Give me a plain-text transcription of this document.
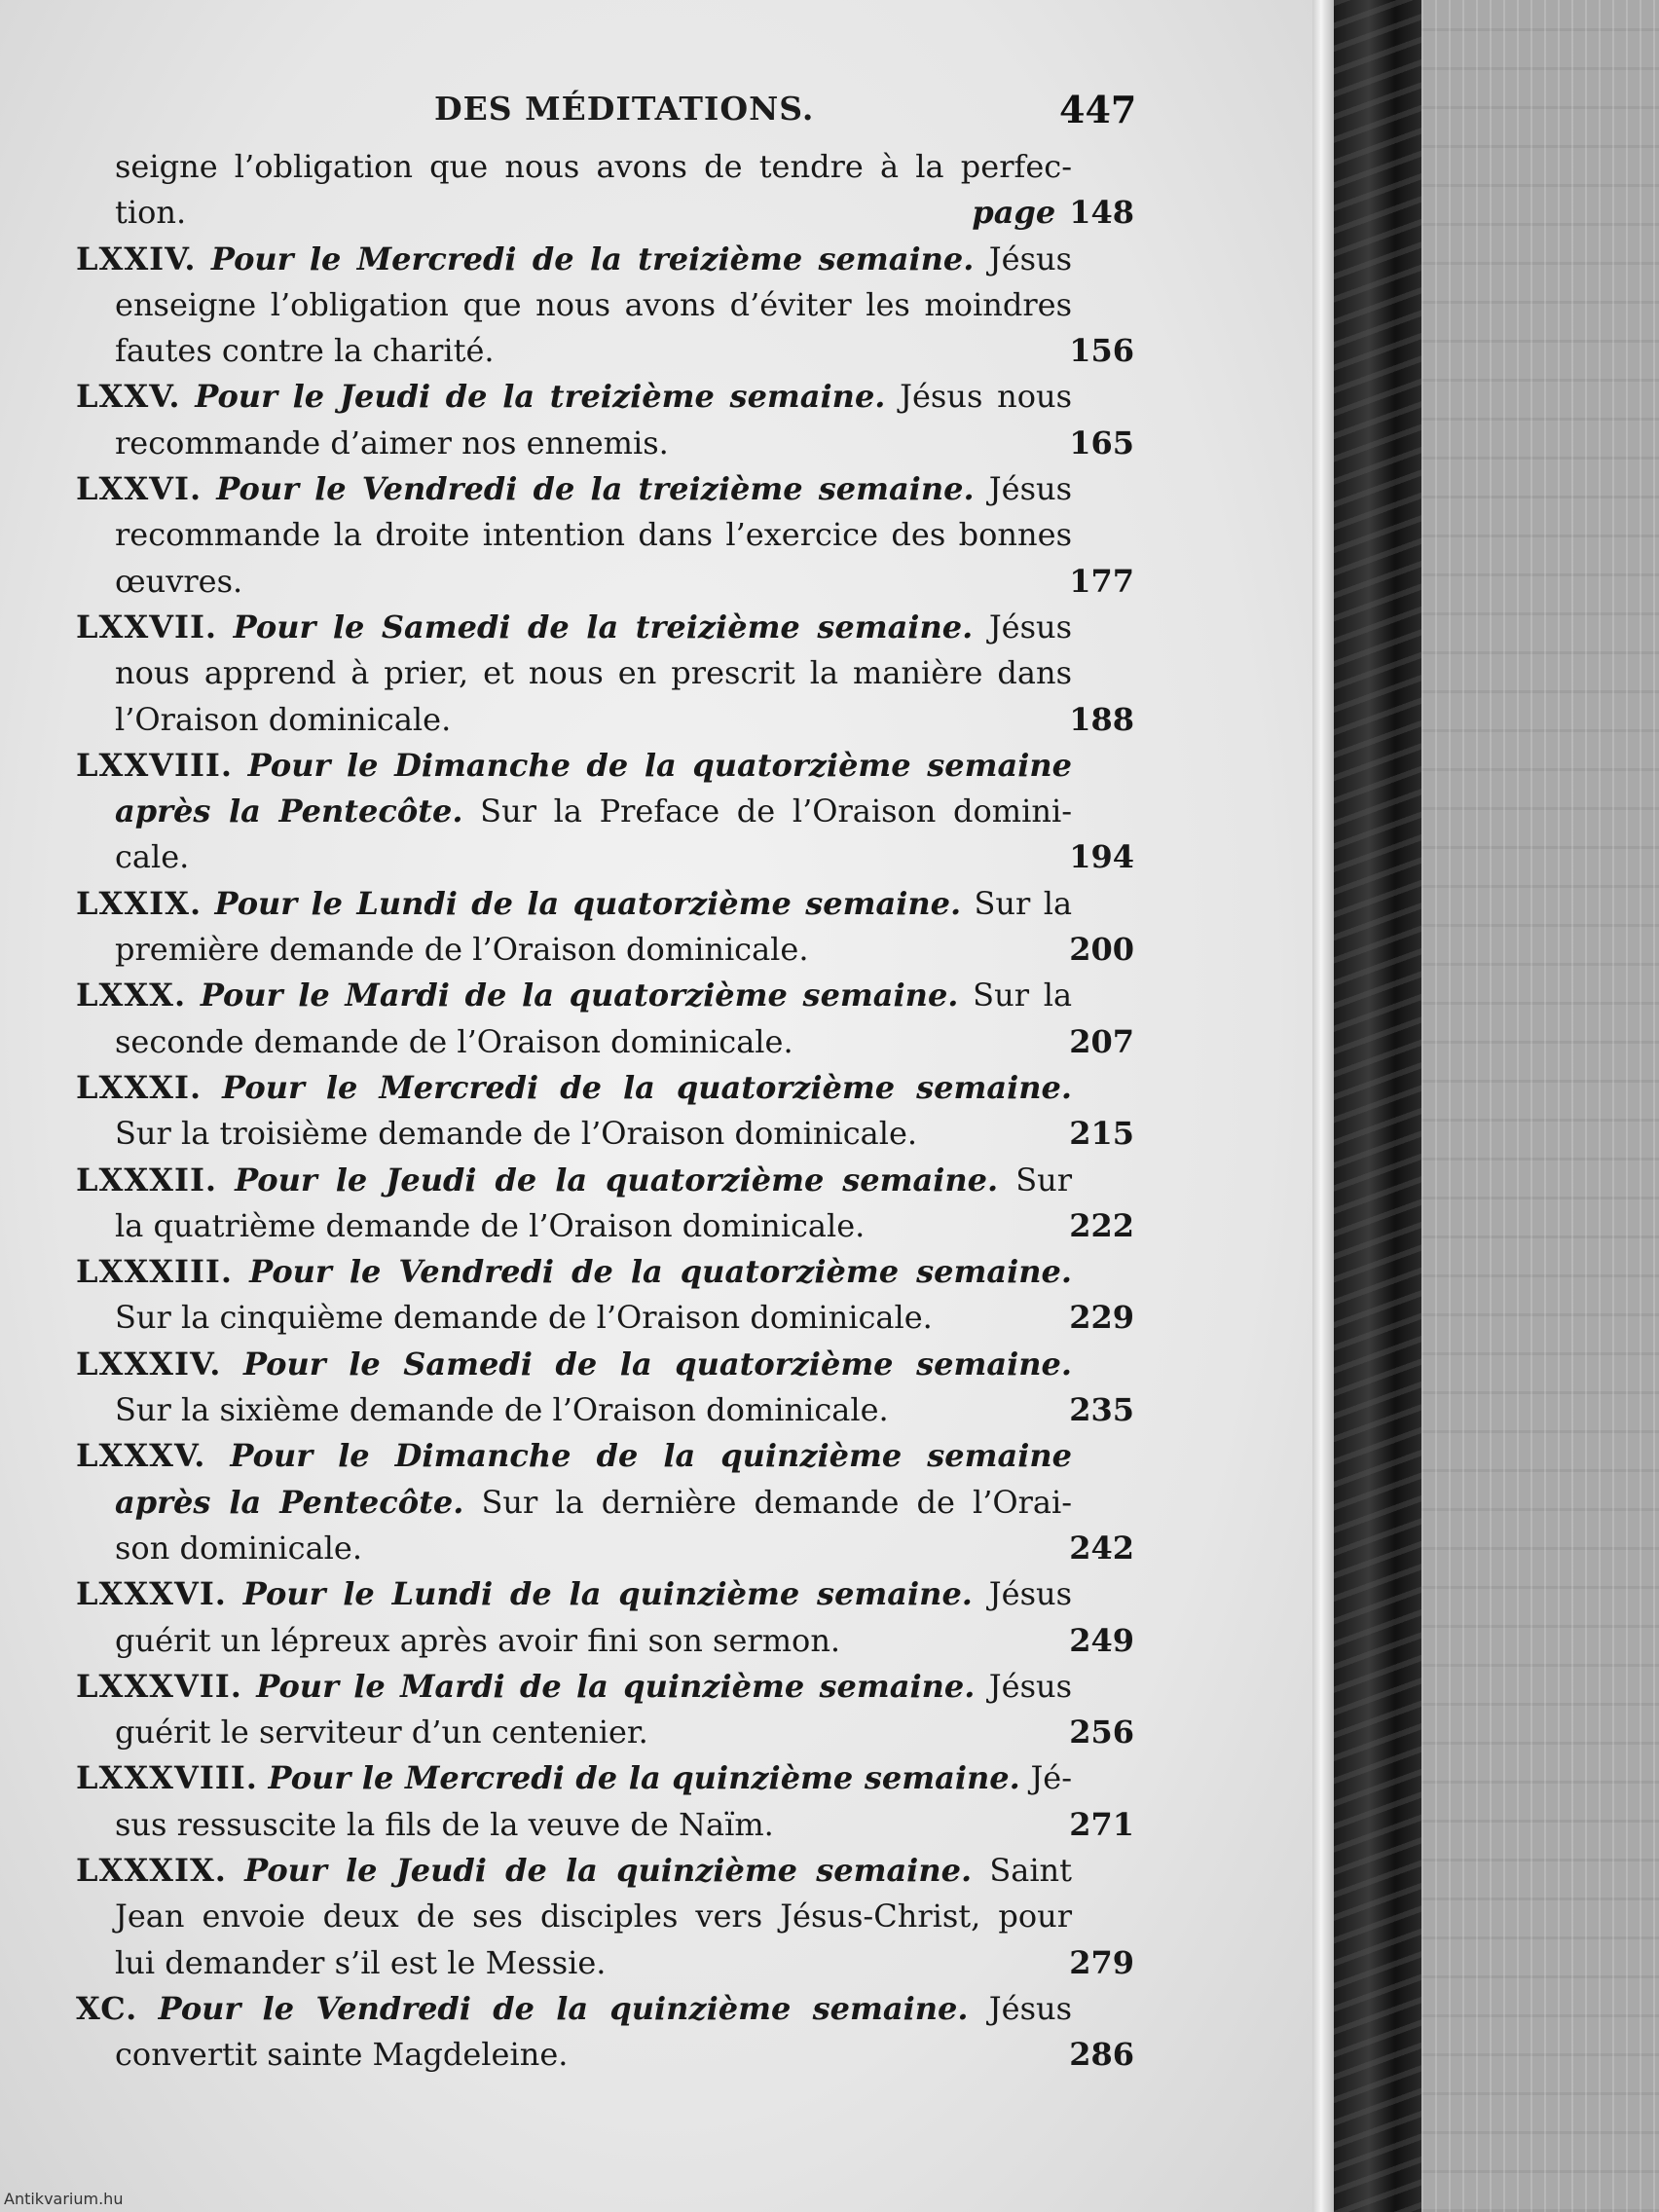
DES MÉDITATIONS.	447
seigne l’obligation que nous avons de tendre à la perfec-
tion.	page 148
LXXIV. Pour le Mercredi de la treizième semaine. Jésus
enseigne l’obligation que nous avons d’éviter les moindres
fautes contre la charité.	156
LXXV. Pour le Jeudi de la treizième semaine. Jésus nous
recommande d’aimer nos ennemis.	165
LXXVI. Pour le Vendredi de la treizième semaine. Jésus
recommande la droite intention dans l’exercice des bonnes
œuvres.	177
LXXVII. Pour le Samedi de la treizième semaine. Jésus
nous apprend à prier, et nous en prescrit la manière dans
l’Oraison dominicale.	188
LXXVIII. Pour le Dimanche de la quatorzième semaine
après la Pentecôte. Sur la Preface de l’Oraison domini-
cale.	194
LXXIX. Pour le Lundi de la quatorzième semaine. Sur la
première demande de l’Oraison dominicale.	200
LXXX. Pour le Mardi de la quatorzième semaine. Sur la
seconde demande de l’Oraison dominicale.	207
LXXXI. Pour le Mercredi de la quatorzième semaine.
Sur la troisième demande de l’Oraison dominicale.	215
LXXXII. Pour le Jeudi de la quatorzième semaine. Sur
la quatrième demande de l’Oraison dominicale.	222
LXXXIII. Pour le Vendredi de la quatorzième semaine.
Sur la cinquième demande de l’Oraison dominicale.	229
LXXXIV. Pour le Samedi de la quatorzième semaine.
Sur la sixième demande de l’Oraison dominicale.	235
LXXXV. Pour le Dimanche de la quinzième semaine
après la Pentecôte. Sur la dernière demande de l’Orai-
son dominicale.	242
LXXXVI. Pour le Lundi de la quinzième semaine. Jésus
guérit un lépreux après avoir fini son sermon.	249
LXXXVII. Pour le Mardi de la quinzième semaine. Jésus
guérit le serviteur d’un centenier.	256
LXXXVIII. Pour le Mercredi de la quinzième semaine. Jé-
sus ressuscite la fils de la veuve de Naïm.	271
LXXXIX. Pour le Jeudi de la quinzième semaine. Saint
Jean envoie deux de ses disciples vers Jésus-Christ, pour
lui demander s’il est le Messie.	279
XC. Pour le Vendredi de la quinzième semaine. Jésus
convertit sainte Magdeleine.	286
Antikvarium.hu
